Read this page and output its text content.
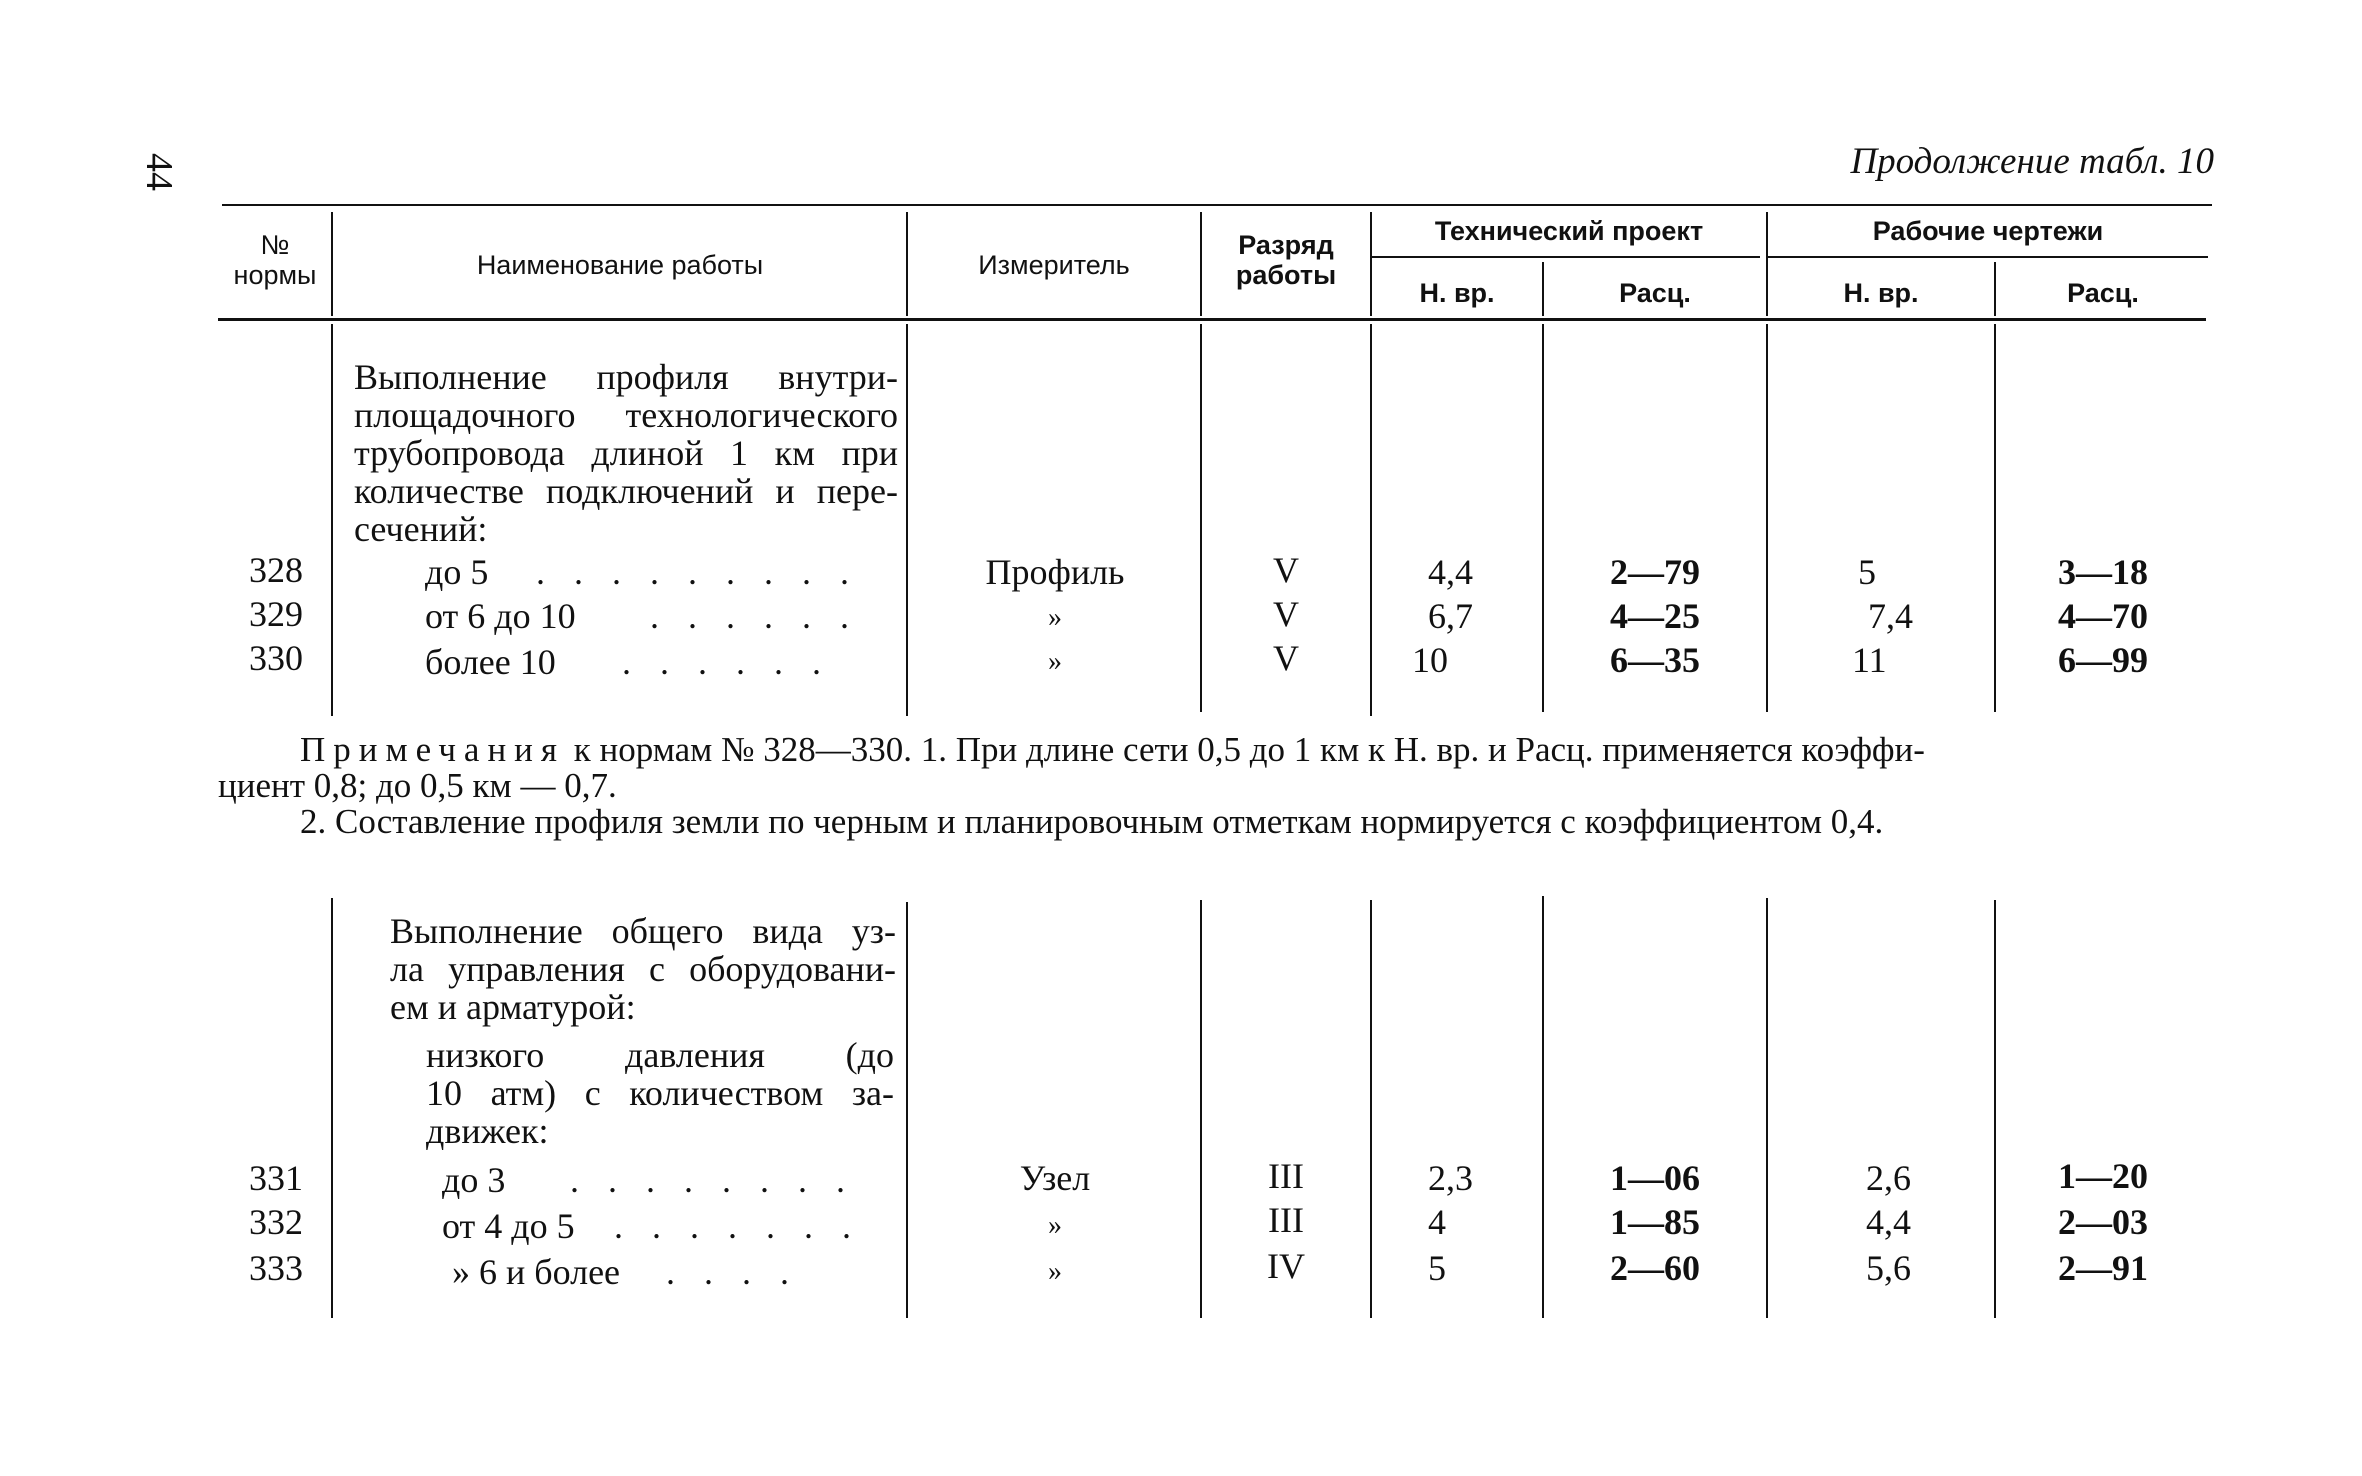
44	Продолжение табл. 10
№
нормы	Наименование работы	Измеритель
Разряд
работы
Технический проект	Рабочие чертежи
Н. вр.	Расц.	Н. вр.	Расц.
Выполнение профиля внутри-
площадочного технологического
трубопровода длиной 1 км при
количестве подключений и пере-
сечений:
328	до 5 . . . . . . . . .	Профиль	V	4,4	2—79	5	3—18
329	от 6 до 10 . . . . . .	»	V	6,7	4—25	7,4	4—70
330	более 10 . . . . . .	»	V	10	6—35	11	6—99
Примечания к нормам № 328—330. 1. При длине сети 0,5 до 1 км к Н. вр. и Расц. применяется коэффи-
циент 0,8; до 0,5 км — 0,7.
2. Составление профиля земли по черным и планировочным отметкам нормируется с коэффициентом 0,4.
Выполнение общего вида уз-
ла управления с оборудовани-
ем и арматурой:
низкого давления (до
10 атм) с количеством за-
движек:
331	до 3 . . . . . . . .	Узел	III	2,3	1—06	2,6	1—20
332	от 4 до 5 . . . . . . .	»	III	4	1—85	4,4	2—03
333	» 6 и более . . . .	»	IV	5	2—60	5,6	2—91
